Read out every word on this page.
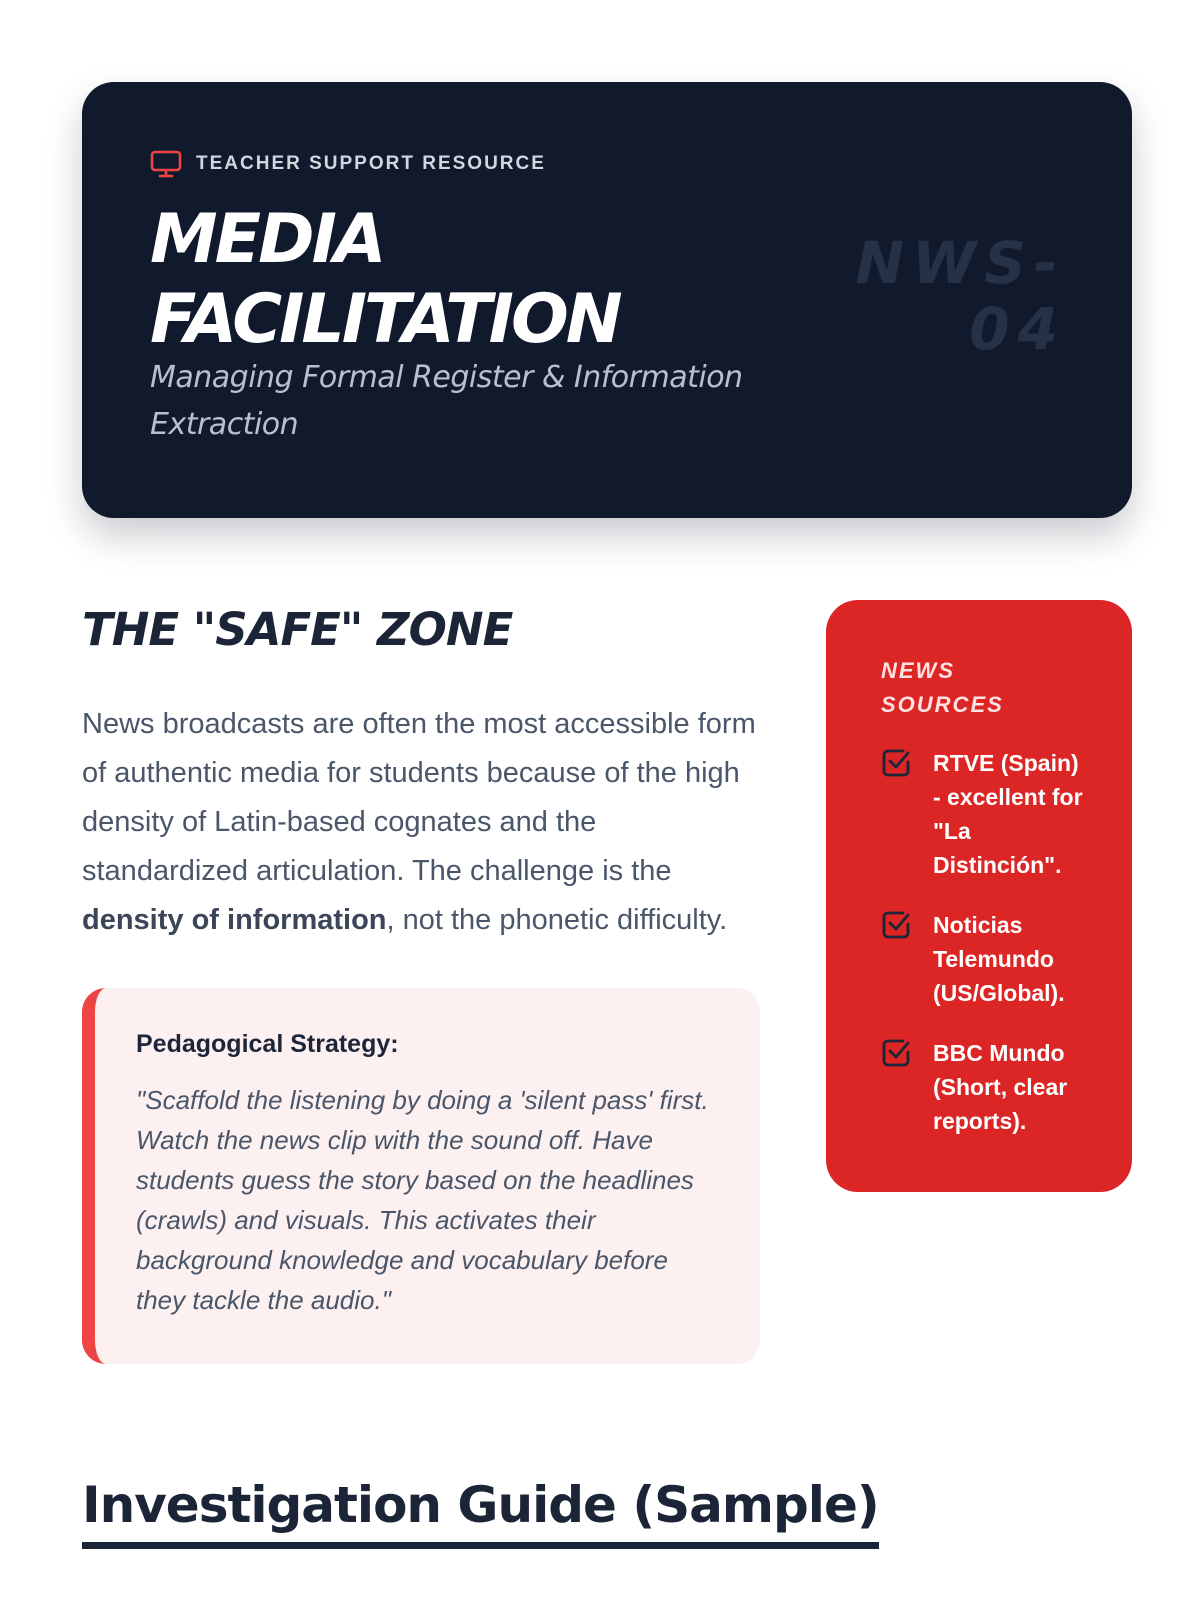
TEACHER SUPPORT RESOURCE
MEDIA
FACILITATION

Managing Formal Register & Information Extraction

NWS-
04
THE "SAFE" ZONE

News broadcasts are often the most accessible form of authentic media for students because of the high density of Latin-based cognates and the standardized articulation. The challenge is the density of information, not the phonetic difficulty.

Pedagogical Strategy:

"Scaffold the listening by doing a 'silent pass' first. Watch the news clip with the sound off. Have students guess the story based on the headlines (crawls) and visuals. This activates their background knowledge and vocabulary before they tackle the audio."

NEWS SOURCES
RTVE (Spain) - excellent for "La Distinción".
Noticias Telemundo (US/Global).
BBC Mundo (Short, clear reports).
Investigation Guide (Sample)
